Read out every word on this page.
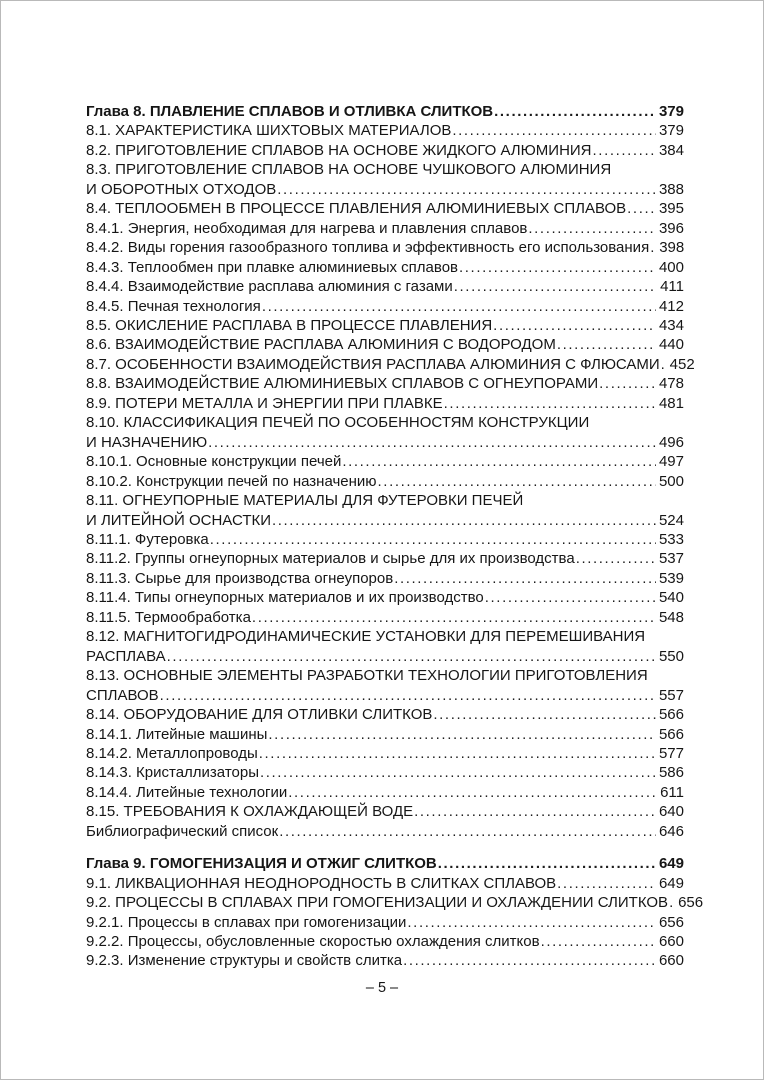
Глава 8. ПЛАВЛЕНИЕ СПЛАВОВ И ОТЛИВКА СЛИТКОВ .....	379
8.1. ХАРАКТЕРИСТИКА ШИХТОВЫХ МАТЕРИАЛОВ .....	379
8.2. ПРИГОТОВЛЕНИЕ СПЛАВОВ НА ОСНОВЕ ЖИДКОГО АЛЮМИНИЯ .....	384
8.3. ПРИГОТОВЛЕНИЕ СПЛАВОВ НА ОСНОВЕ ЧУШКОВОГО АЛЮМИНИЯ
И ОБОРОТНЫХ ОТХОДОВ .....	388
8.4. ТЕПЛООБМЕН В ПРОЦЕССЕ ПЛАВЛЕНИЯ АЛЮМИНИЕВЫХ СПЛАВОВ ..... 395
8.4.1. Энергия, необходимая для нагрева и плавления сплавов .....	396
8.4.2. Виды горения газообразного топлива и эффективность его использования ..... 398
8.4.3. Теплообмен при плавке алюминиевых сплавов .....	400
8.4.4. Взаимодействие расплава алюминия с газами .....	411
8.4.5. Печная технология .....	412
8.5. ОКИСЛЕНИЕ РАСПЛАВА В ПРОЦЕССЕ ПЛАВЛЕНИЯ .....	434
8.6. ВЗАИМОДЕЙСТВИЕ РАСПЛАВА АЛЮМИНИЯ С ВОДОРОДОМ .....	440
8.7. ОСОБЕННОСТИ ВЗАИМОДЕЙСТВИЯ РАСПЛАВА АЛЮМИНИЯ С ФЛЮСАМИ ..... 452
8.8. ВЗАИМОДЕЙСТВИЕ АЛЮМИНИЕВЫХ СПЛАВОВ С ОГНЕУПОРАМИ .....	478
8.9. ПОТЕРИ МЕТАЛЛА И ЭНЕРГИИ ПРИ ПЛАВКЕ .....	481
8.10. КЛАССИФИКАЦИЯ ПЕЧЕЙ ПО ОСОБЕННОСТЯМ КОНСТРУКЦИИ
И НАЗНАЧЕНИЮ .....	496
8.10.1. Основные конструкции печей .....	497
8.10.2. Конструкции печей по назначению .....	500
8.11. ОГНЕУПОРНЫЕ МАТЕРИАЛЫ ДЛЯ ФУТЕРОВКИ ПЕЧЕЙ
И ЛИТЕЙНОЙ ОСНАСТКИ .....	524
8.11.1. Футеровка .....	533
8.11.2. Группы огнеупорных материалов и сырье для их производства .....	537
8.11.3. Сырье для производства огнеупоров .....	539
8.11.4. Типы огнеупорных материалов и их производство .....	540
8.11.5. Термообработка .....	548
8.12. МАГНИТОГИДРОДИНАМИЧЕСКИЕ УСТАНОВКИ ДЛЯ ПЕРЕМЕШИВАНИЯ
РАСПЛАВА .....	550
8.13. ОСНОВНЫЕ ЭЛЕМЕНТЫ РАЗРАБОТКИ ТЕХНОЛОГИИ ПРИГОТОВЛЕНИЯ
СПЛАВОВ .....	557
8.14. ОБОРУДОВАНИЕ ДЛЯ ОТЛИВКИ СЛИТКОВ .....	566
8.14.1. Литейные машины .....	566
8.14.2. Металлопроводы .....	577
8.14.3. Кристаллизаторы .....	586
8.14.4. Литейные технологии .....	611
8.15. ТРЕБОВАНИЯ К ОХЛАЖДАЮЩЕЙ ВОДЕ .....	640
Библиографический список .....	646
Глава 9. ГОМОГЕНИЗАЦИЯ И ОТЖИГ СЛИТКОВ .....	649
9.1. ЛИКВАЦИОННАЯ НЕОДНОРОДНОСТЬ В СЛИТКАХ СПЛАВОВ .....	649
9.2. ПРОЦЕССЫ В СПЛАВАХ ПРИ ГОМОГЕНИЗАЦИИ И ОХЛАЖДЕНИИ СЛИТКОВ ..... 656
9.2.1. Процессы в сплавах при гомогенизации .....	656
9.2.2. Процессы, обусловленные скоростью охлаждения слитков .....	660
9.2.3. Изменение структуры и свойств слитка .....	660
– 5 –
